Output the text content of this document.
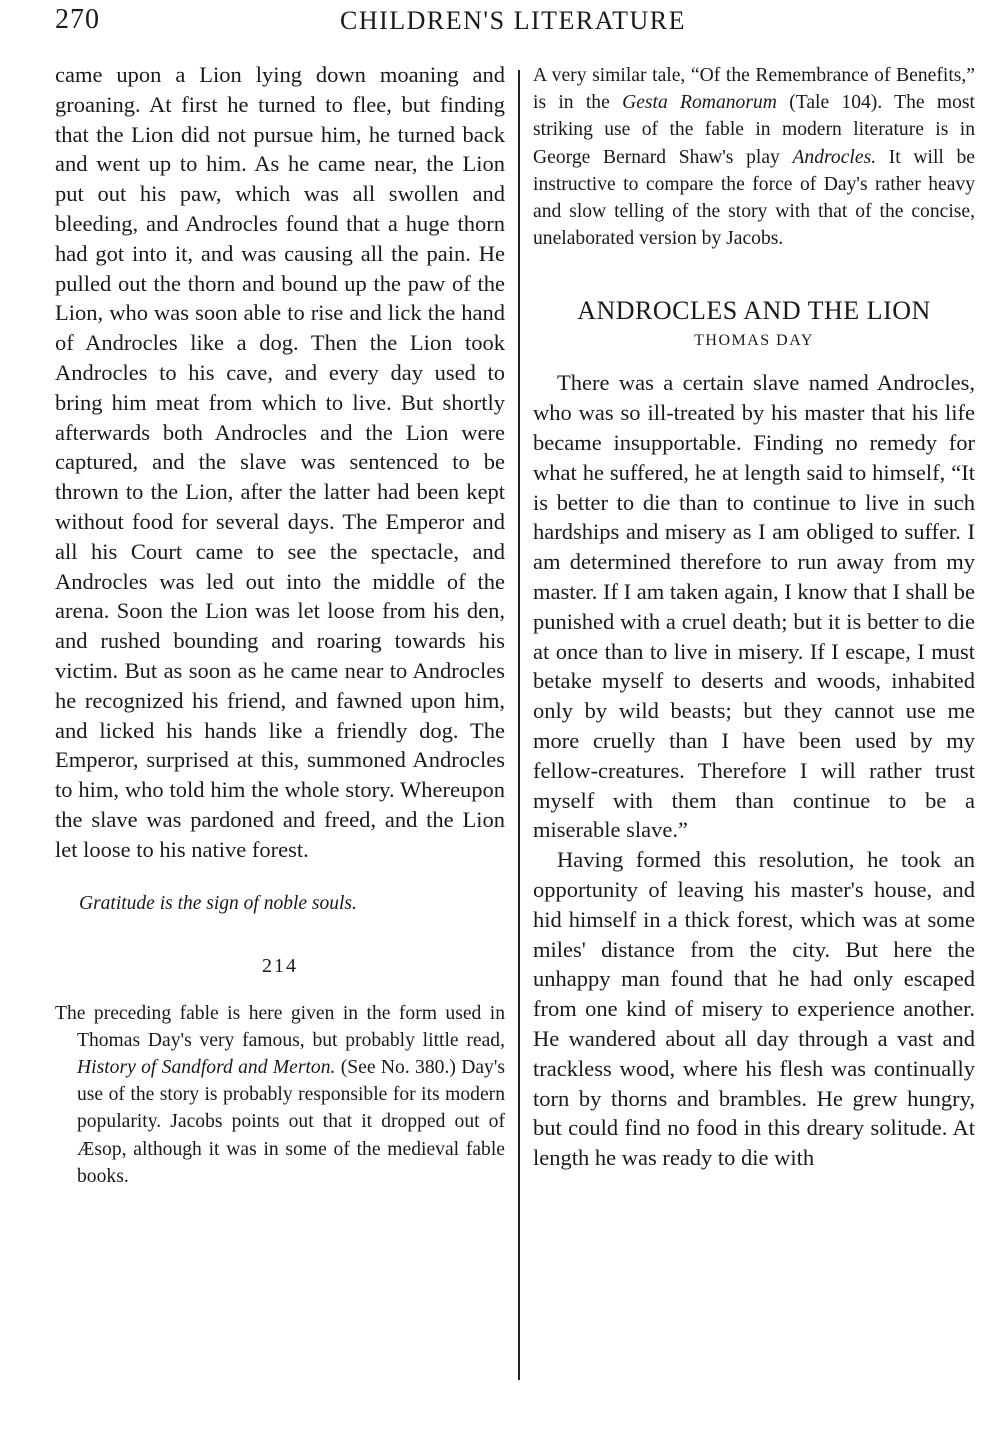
270	CHILDREN'S LITERATURE

came upon a Lion lying down moaning and groaning. At first he turned to flee, but finding that the Lion did not pursue him, he turned back and went up to him. As he came near, the Lion put out his paw, which was all swollen and bleeding, and Androcles found that a huge thorn had got into it, and was causing all the pain. He pulled out the thorn and bound up the paw of the Lion, who was soon able to rise and lick the hand of Androcles like a dog. Then the Lion took Androcles to his cave, and every day used to bring him meat from which to live. But shortly afterwards both Androcles and the Lion were captured, and the slave was sentenced to be thrown to the Lion, after the latter had been kept without food for several days. The Emperor and all his Court came to see the spectacle, and Androcles was led out into the middle of the arena. Soon the Lion was let loose from his den, and rushed bounding and roaring towards his victim. But as soon as he came near to Androcles he recognized his friend, and fawned upon him, and licked his hands like a friendly dog. The Emperor, surprised at this, summoned Androcles to him, who told him the whole story. Whereupon the slave was pardoned and freed, and the Lion let loose to his native forest.

Gratitude is the sign of noble souls.

214

The preceding fable is here given in the form used in Thomas Day's very famous, but probably little read, History of Sandford and Merton. (See No. 380.) Day's use of the story is probably responsible for its modern popularity. Jacobs points out that it dropped out of Æsop, although it was in some of the medieval fable books.

A very similar tale, “Of the Remembrance of Benefits,” is in the Gesta Romanorum (Tale 104). The most striking use of the fable in modern literature is in George Bernard Shaw's play Androcles. It will be instructive to compare the force of Day's rather heavy and slow telling of the story with that of the concise, unelaborated version by Jacobs.

ANDROCLES AND THE LION
THOMAS DAY

There was a certain slave named Androcles, who was so ill-treated by his master that his life became insupportable. Finding no remedy for what he suffered, he at length said to himself, “It is better to die than to continue to live in such hardships and misery as I am obliged to suffer. I am determined therefore to run away from my master. If I am taken again, I know that I shall be punished with a cruel death; but it is better to die at once than to live in misery. If I escape, I must betake myself to deserts and woods, inhabited only by wild beasts; but they cannot use me more cruelly than I have been used by my fellow-creatures. Therefore I will rather trust myself with them than continue to be a miserable slave.”

Having formed this resolution, he took an opportunity of leaving his master's house, and hid himself in a thick forest, which was at some miles' distance from the city. But here the unhappy man found that he had only escaped from one kind of misery to experience another. He wandered about all day through a vast and trackless wood, where his flesh was continually torn by thorns and brambles. He grew hungry, but could find no food in this dreary solitude. At length he was ready to die with
